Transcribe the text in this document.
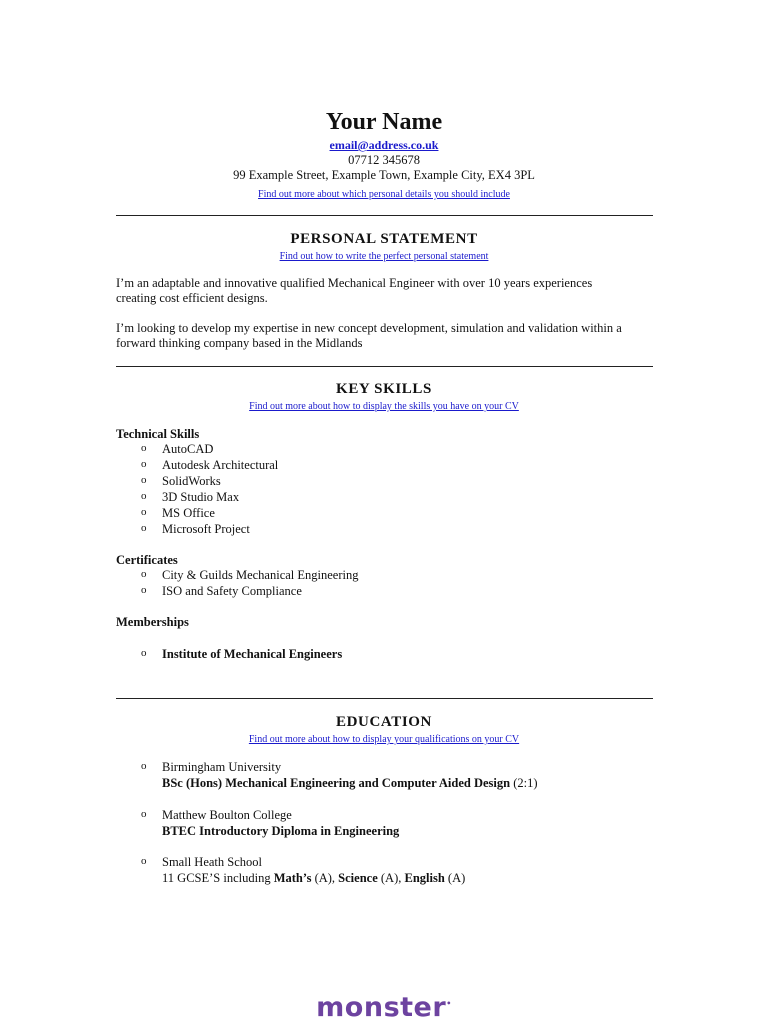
Your Name
email@address.co.uk
07712 345678
99 Example Street, Example Town, Example City, EX4 3PL
Find out more about which personal details you should include
PERSONAL STATEMENT
Find out how to write the perfect personal statement
I’m an adaptable and innovative qualified Mechanical Engineer with over 10 years experiences
creating cost efficient designs.
I’m looking to develop my expertise in new concept development, simulation and validation within a
forward thinking company based in the Midlands
KEY SKILLS
Find out more about how to display the skills you have on your CV
Technical Skills
o AutoCAD
o Autodesk Architectural
o SolidWorks
o 3D Studio Max
o MS Office
o Microsoft Project
Certificates
o City & Guilds Mechanical Engineering
o ISO and Safety Compliance
Memberships
o Institute of Mechanical Engineers
EDUCATION
Find out more about how to display your qualifications on your CV
o Birmingham University
BSc (Hons) Mechanical Engineering and Computer Aided Design (2:1)
o Matthew Boulton College
BTEC Introductory Diploma in Engineering
o Small Heath School
11 GCSE’S including Math’s (A), Science (A), English (A)
monster•
